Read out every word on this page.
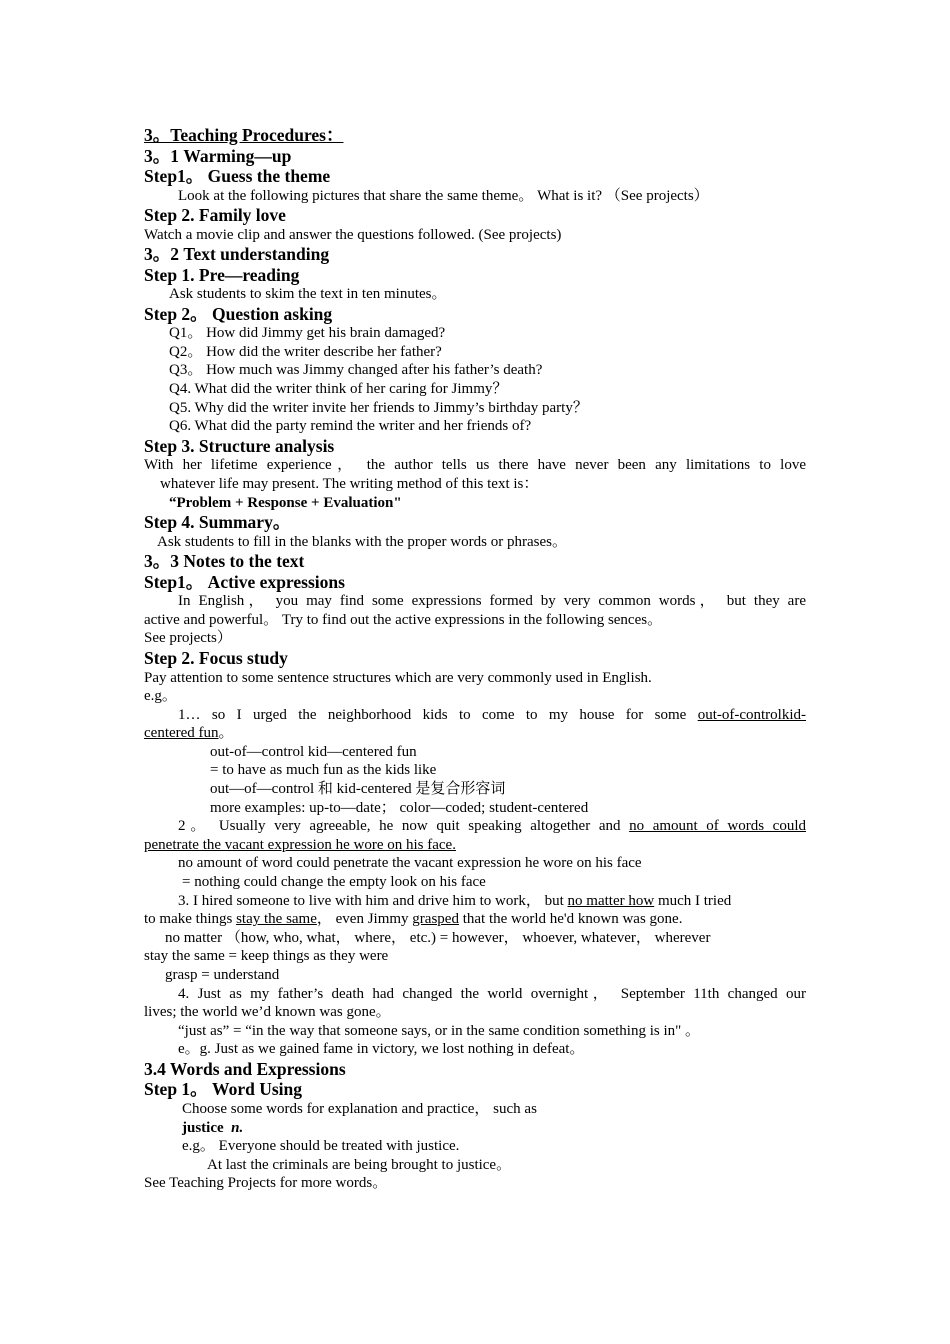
3。Teaching Procedures：
3。1 Warming—up
Step1。 Guess the theme
Look at the following pictures that share the same theme。 What is it? （See projects）
Step 2. Family love
Watch a movie clip and answer the questions followed. (See projects)
3。2 Text understanding
Step 1. Pre—reading
Ask students to skim the text in ten minutes。
Step 2。 Question asking
Q1。 How did Jimmy get his brain damaged?
Q2。 How did the writer describe her father?
Q3。 How much was Jimmy changed after his father’s death?
Q4. What did the writer think of her caring for Jimmy？
Q5. Why did the writer invite her friends to Jimmy’s birthday party？
Q6. What did the party remind the writer and her friends of?
Step 3. Structure analysis
With her lifetime experience， the author tells us there have never been any limitations to love
whatever life may present. The writing method of this text is：
“Problem + Response + Evaluation"
Step 4. Summary。
Ask students to fill in the blanks with the proper words or phrases。
3。3 Notes to the text
Step1。 Active expressions
In English， you may find some expressions formed by very common words， but they are
active and powerful。 Try to find out the active expressions in the following sences。
See projects）
Step 2. Focus study
Pay attention to some sentence structures which are very commonly used in English.
e.g。
1… so I urged the neighborhood kids to come to my house for some out-of-controlkid-
centered fun。
out-of—control kid—centered fun
= to have as much fun as the kids like
out—of—control 和 kid-centered 是复合形容词
more examples: up-to—date； color—coded; student-centered
2。 Usually very agreeable, he now quit speaking altogether and no amount of words could
penetrate the vacant expression he wore on his face.
no amount of word could penetrate the vacant expression he wore on his face
= nothing could change the empty look on his face
3. I hired someone to live with him and drive him to work， but no matter how much I tried
to make things stay the same， even Jimmy grasped that the world he'd known was gone.
no matter （how, who, what， where， etc.) = however， whoever, whatever， wherever
stay the same = keep things as they were
grasp = understand
4. Just as my father’s death had changed the world overnight， September 11th changed our
lives; the world we’d known was gone。
“just as” = “in the way that someone says, or in the same condition something is in" 。
e。g. Just as we gained fame in victory, we lost nothing in defeat。
3.4 Words and Expressions
Step 1。 Word Using
Choose some words for explanation and practice， such as
justice n.
e.g。 Everyone should be treated with justice.
At last the criminals are being brought to justice。
See Teaching Projects for more words。
